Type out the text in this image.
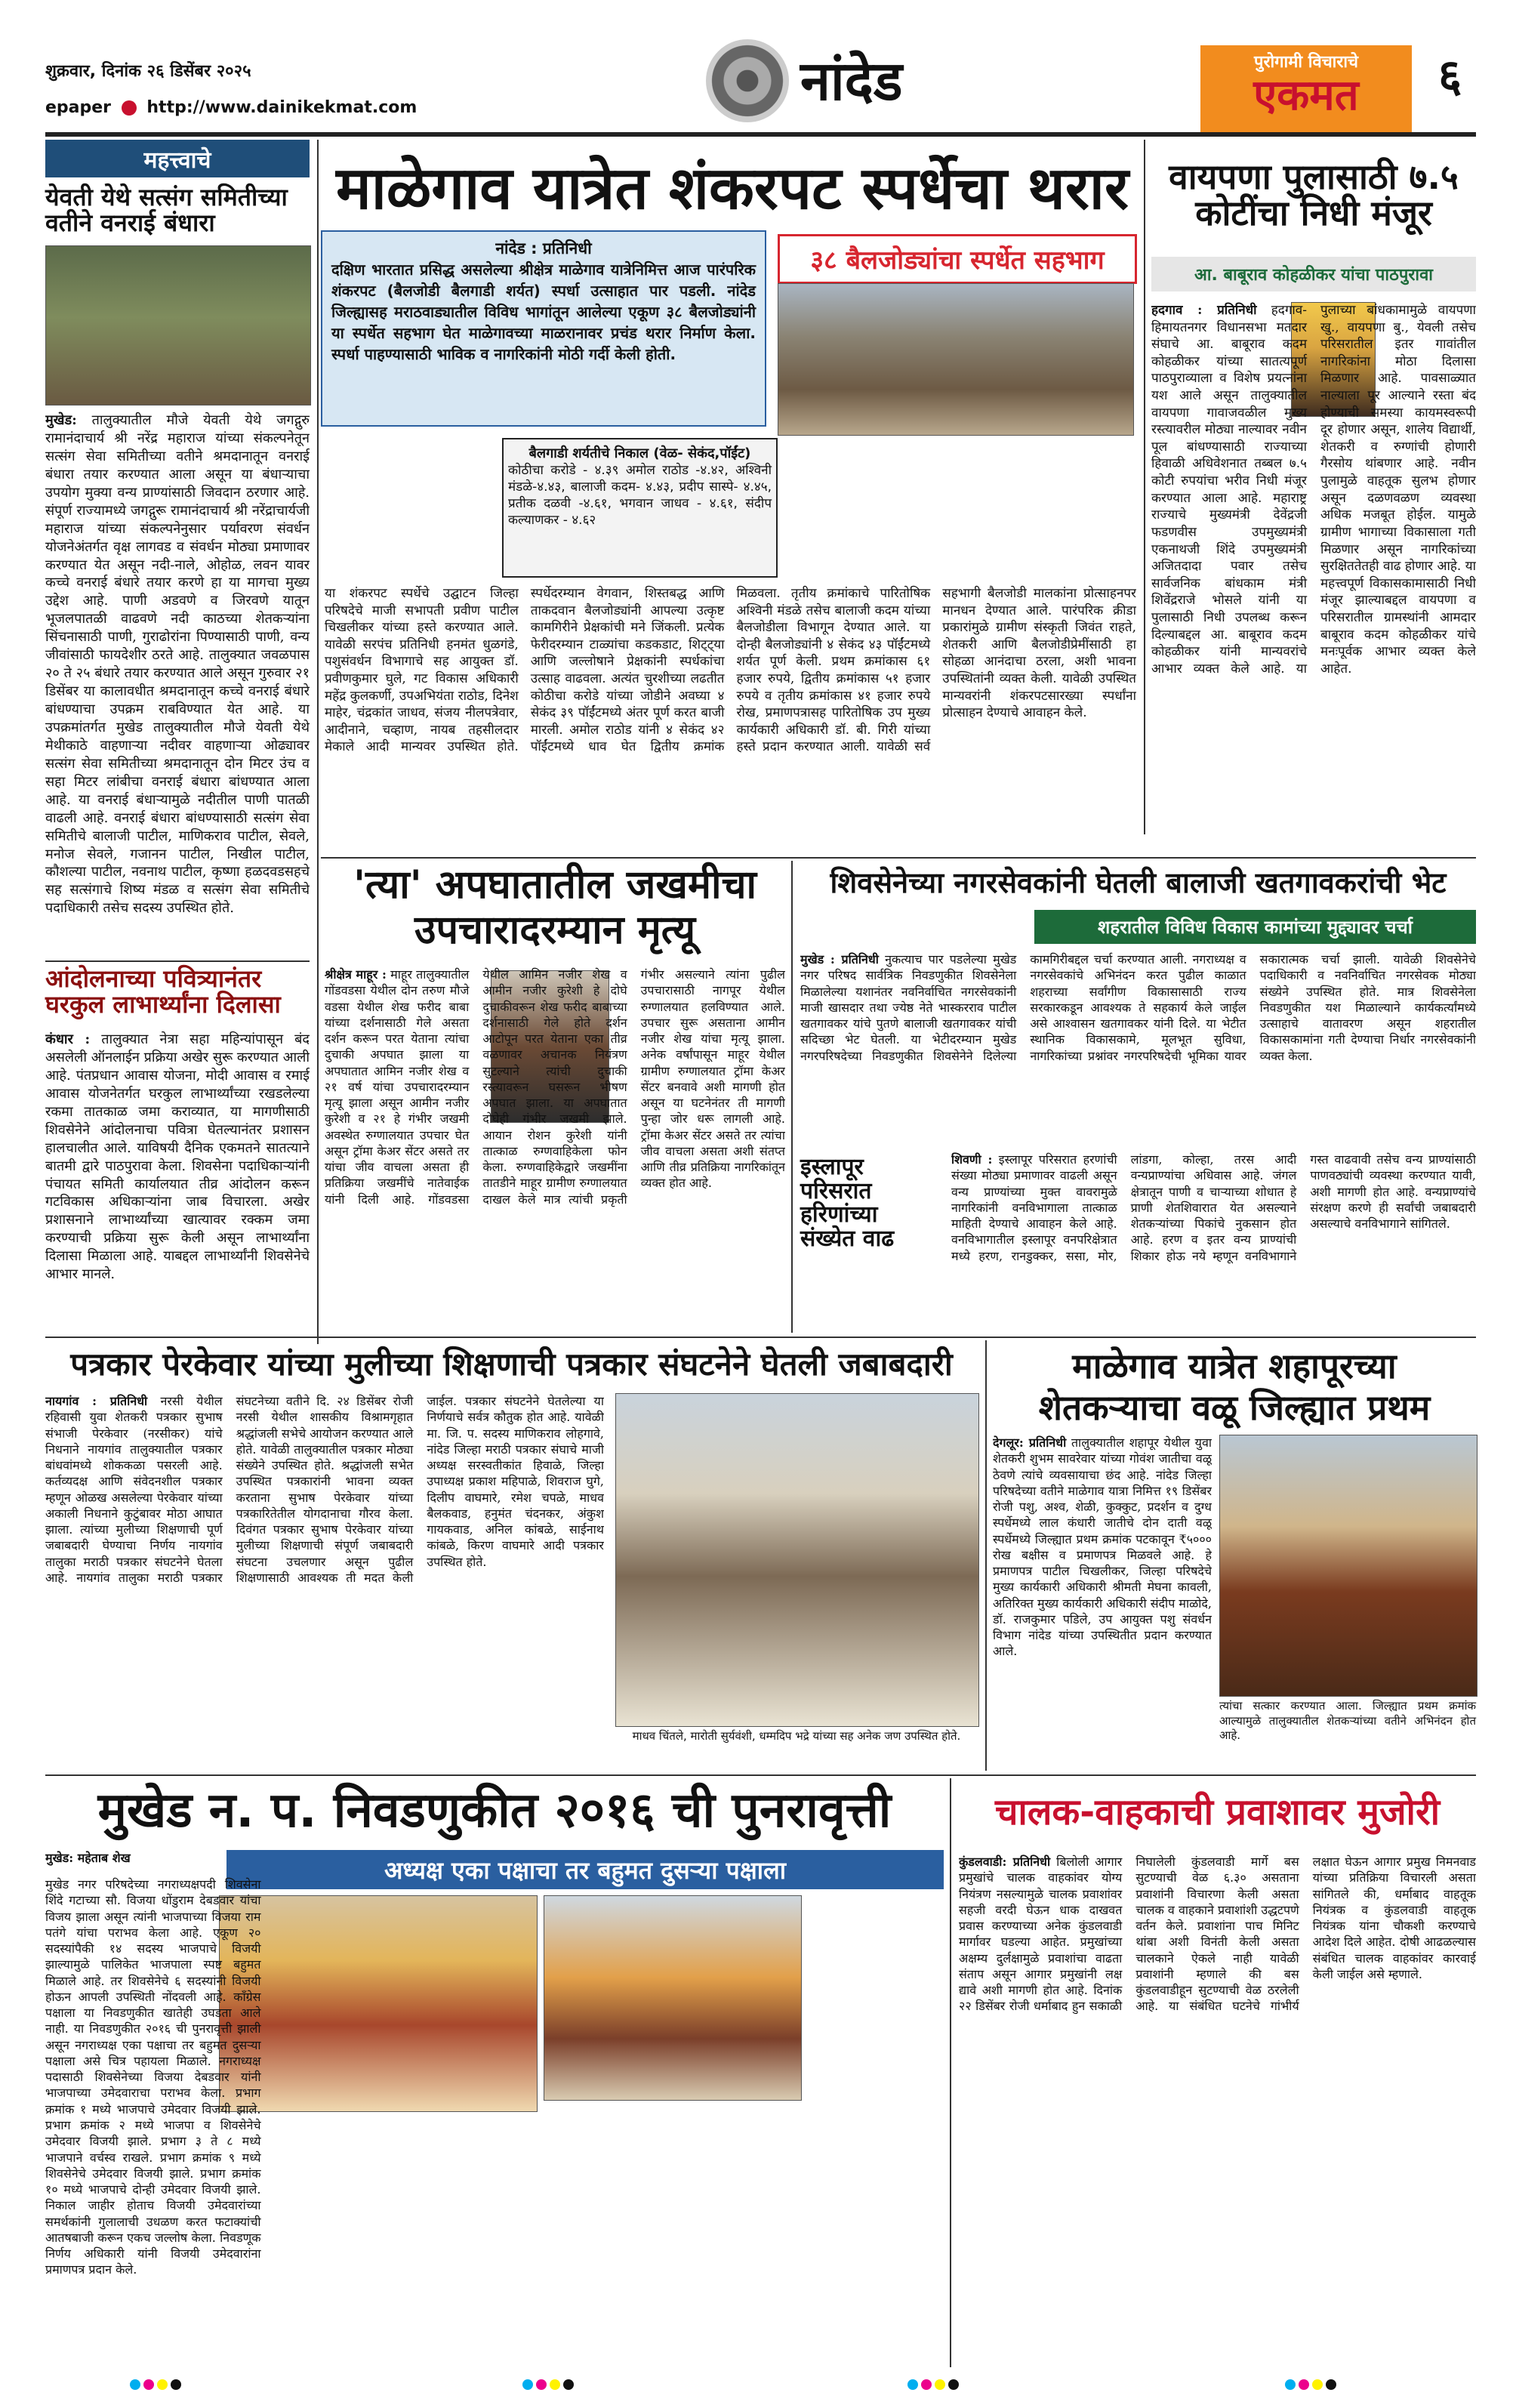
शुक्रवार, दिनांक २६ डिसेंबर २०२५
epaper http://www.dainikekmat.com	नांदेड	पुरोगामी विचाराचे
एकमत	६
महत्त्वाचे
येवती येथे सत्संग समितीच्या वतीने वनराई बंधारा
मुखेड: तालुक्यातील मौजे येवती येथे जगद्गुरु रामानंदाचार्य श्री नरेंद्र महाराज यांच्या संकल्पनेतून सत्संग सेवा समितीच्या वतीने श्रमदानातून वनराई बंधारा तयार करण्यात आला असून या बंधाऱ्याचा उपयोग मुक्या वन्य प्राण्यांसाठी जिवदान ठरणार आहे. संपूर्ण राज्यामध्ये जगद्गुरू रामानंदाचार्य श्री नरेंद्राचार्यजी महाराज यांच्या संकल्पनेनुसार पर्यावरण संवर्धन योजनेअंतर्गत वृक्ष लागवड व संवर्धन मोठ्या प्रमाणावर करण्यात येत असून नदी-नाले, ओहोळ, लवन यावर कच्चे वनराई बंधारे तयार करणे हा या मागचा मुख्य उद्देश आहे. पाणी अडवणे व जिरवणे यातून भूजलपातळी वाढवणे नदी काठच्या शेतकऱ्यांना सिंचनासाठी पाणी, गुराढोरांना पिण्यासाठी पाणी, वन्य जीवांसाठी फायदेशीर ठरते आहे. तालुक्यात जवळपास २० ते २५ बंधारे तयार करण्यात आले असून गुरुवार २१ डिसेंबर या कालावधीत श्रमदानातून कच्चे वनराई बंधारे बांधण्याचा उपक्रम राबविण्यात येत आहे. या उपक्रमांतर्गत मुखेड तालुक्यातील मौजे येवती येथे मेथीकाठे वाहणाऱ्या नदीवर वाहणाऱ्या ओढ्यावर सत्संग सेवा समितीच्या श्रमदानातून दोन मिटर उंच व सहा मिटर लांबीचा वनराई बंधारा बांधण्यात आला आहे. या वनराई बंधाऱ्यामुळे नदीतील पाणी पातळी वाढली आहे. वनराई बंधारा बांधण्यासाठी सत्संग सेवा समितीचे बालाजी पाटील, माणिकराव पाटील, सेवले, मनोज सेवले, गजानन पाटील, निखील पाटील, कौशल्या पाटील, नवनाथ पाटील, कृष्णा हळदवडसहचे सह सत्संगाचे शिष्य मंडळ व सत्संग सेवा समितीचे पदाधिकारी तसेच सदस्य उपस्थित होते.
आंदोलनाच्या पवित्र्यानंतर घरकुल लाभार्थ्यांना दिलासा
कंधार : तालुक्यात नेत्रा सहा महिन्यांपासून बंद असलेली ऑनलाईन प्रक्रिया अखेर सुरू करण्यात आली आहे. पंतप्रधान आवास योजना, मोदी आवास व रमाई आवास योजनेतर्गत घरकुल लाभार्थ्यांच्या रखडलेल्या रकमा तातकाळ जमा कराव्यात, या मागणीसाठी शिवसेनेने आंदोलनाचा पवित्रा घेतल्यानंतर प्रशासन हालचालीत आले. याविषयी दैनिक एकमतने सातत्याने बातमी द्वारे पाठपुरावा केला. शिवसेना पदाधिकाऱ्यांनी पंचायत समिती कार्यालयात तीव्र आंदोलन करून गटविकास अधिकाऱ्यांना जाब विचारला. अखेर प्रशासनाने लाभार्थ्यांच्या खात्यावर रक्कम जमा करण्याची प्रक्रिया सुरू केली असून लाभार्थ्यांना दिलासा मिळाला आहे. याबद्दल लाभार्थ्यांनी शिवसेनेचे आभार मानले.
माळेगाव यात्रेत शंकरपट स्पर्धेचा थरार
नांदेड : प्रतिनिधी
दक्षिण भारतात प्रसिद्ध असलेल्या श्रीक्षेत्र माळेगाव यात्रेनिमित्त आज पारंपरिक शंकरपट (बैलजोडी बैलगाडी शर्यत) स्पर्धा उत्साहात पार पडली. नांदेड जिल्ह्यासह मराठवाड्यातील विविध भागांतून आलेल्या एकूण ३८ बैलजोड्यांनी या स्पर्धेत सहभाग घेत माळेगावच्या माळरानावर प्रचंड थरार निर्माण केला. स्पर्धा पाहण्यासाठी भाविक व नागरिकांनी मोठी गर्दी केली होती.
३८ बैलजोड्यांचा स्पर्धेत सहभाग
बैलगाडी शर्यतीचे निकाल (वेळ- सेकंद,पॉईंट)
कोठीचा करोडे - ४.३९ अमोल राठोड -४.४२, अश्विनी मंडळे-४.४३, बालाजी कदम- ४.४३, प्रदीप सास्पे- ४.४५, प्रतीक दळवी -४.६१, भगवान जाधव - ४.६१, संदीप कल्याणकर - ४.६२
या शंकरपट स्पर्धेचे उद्घाटन जिल्हा परिषदेचे माजी सभापती प्रवीण पाटील चिखलीकर यांच्या हस्ते करण्यात आले. यावेळी सरपंच प्रतिनिधी हनमंत धुळगंडे, पशुसंवर्धन विभागाचे सह आयुक्त डॉ. प्रवीणकुमार घुले, गट विकास अधिकारी महेंद्र कुलकर्णी, उपअभियंता राठोड, दिनेश माहेर, चंद्रकांत जाधव, संजय नीलपत्रेवार, आदीनाने, चव्हाण, नायब तहसीलदार मेकाले आदी मान्यवर उपस्थित होते. स्पर्धेदरम्यान वेगवान, शिस्तबद्ध आणि ताकदवान बैलजोड्यांनी आपल्या उत्कृष्ट कामगिरीने प्रेक्षकांची मने जिंकली. प्रत्येक फेरीदरम्यान टाळ्यांचा कडकडाट, शिट्ट्या आणि जल्लोषाने प्रेक्षकांनी स्पर्धकांचा उत्साह वाढवला. अत्यंत चुरशीच्या लढतीत कोठीचा करोडे यांच्या जोडीने अवघ्या ४ सेकंद ३९ पॉईंटमध्ये अंतर पूर्ण करत बाजी मारली. अमोल राठोड यांनी ४ सेकंद ४२ पॉईंटमध्ये धाव घेत द्वितीय क्रमांक मिळवला. तृतीय क्रमांकाचे पारितोषिक अश्विनी मंडळे तसेच बालाजी कदम यांच्या बैलजोडीला विभागून देण्यात आले. या दोन्ही बैलजोड्यांनी ४ सेकंद ४३ पॉईंटमध्ये शर्यत पूर्ण केली. प्रथम क्रमांकास ६१ हजार रुपये, द्वितीय क्रमांकास ५१ हजार रुपये व तृतीय क्रमांकास ४१ हजार रुपये रोख, प्रमाणपत्रासह पारितोषिक उप मुख्य कार्यकारी अधिकारी डॉ. बी. गिरी यांच्या हस्ते प्रदान करण्यात आली. यावेळी सर्व सहभागी बैलजोडी मालकांना प्रोत्साहनपर मानधन देण्यात आले. पारंपरिक क्रीडा प्रकारांमुळे ग्रामीण संस्कृती जिवंत राहते, शेतकरी आणि बैलजोडीप्रेमींसाठी हा सोहळा आनंदाचा ठरला, अशी भावना उपस्थितांनी व्यक्त केली. यावेळी उपस्थित मान्यवरांनी शंकरपटसारख्या स्पर्धांना प्रोत्साहन देण्याचे आवाहन केले.
वायपणा पुलासाठी ७.५ कोटींचा निधी मंजूर
आ. बाबूराव कोहळीकर यांचा पाठपुरावा
हदगाव : प्रतिनिधी हदगाव-हिमायतनगर विधानसभा मतदार संघाचे आ. बाबूराव कदम कोहळीकर यांच्या सातत्यपूर्ण पाठपुराव्याला व विशेष प्रयत्नांना यश आले असून तालुक्यातील वायपणा गावाजवळील मुख्य रस्त्यावरील मोठ्या नाल्यावर नवीन पूल बांधण्यासाठी राज्याच्या हिवाळी अधिवेशनात तब्बल ७.५ कोटी रुपयांचा भरीव निधी मंजूर करण्यात आला आहे. महाराष्ट्र राज्याचे मुख्यमंत्री देवेंद्रजी फडणवीस उपमुख्यमंत्री एकनाथजी शिंदे उपमुख्यमंत्री अजितदादा पवार तसेच सार्वजनिक बांधकाम मंत्री शिवेंद्रराजे भोसले यांनी या पुलासाठी निधी उपलब्ध करून दिल्याबद्दल आ. बाबूराव कदम कोहळीकर यांनी मान्यवरांचे आभार व्यक्त केले आहे. या पुलाच्या बांधकामामुळे वायपणा खु., वायपणा बु., येवली तसेच परिसरातील इतर गावांतील नागरिकांना मोठा दिलासा मिळणार आहे. पावसाळ्यात नाल्याला पूर आल्याने रस्ता बंद होण्याची समस्या कायमस्वरूपी दूर होणार असून, शालेय विद्यार्थी, शेतकरी व रुग्णांची होणारी गैरसोय थांबणार आहे. नवीन पुलामुळे वाहतूक सुलभ होणार असून दळणवळण व्यवस्था अधिक मजबूत होईल. यामुळे ग्रामीण भागाच्या विकासाला गती मिळणार असून नागरिकांच्या सुरक्षिततेतही वाढ होणार आहे. या महत्त्वपूर्ण विकासकामासाठी निधी मंजूर झाल्याबद्दल वायपणा व परिसरातील ग्रामस्थांनी आमदार बाबूराव कदम कोहळीकर यांचे मनःपूर्वक आभार व्यक्त केले आहेत.
'त्या' अपघातातील जखमीचा
उपचारादरम्यान मृत्यू
श्रीक्षेत्र माहूर : माहूर तालुक्यातील गोंडवडसा येथील दोन तरुण मौजे वडसा येथील शेख फरीद बाबा यांच्या दर्शनासाठी गेले असता दर्शन करून परत येताना त्यांचा दुचाकी अपघात झाला या अपघातात आमिन नजीर शेख व २१ वर्ष यांचा उपचारादरम्यान मृत्यू झाला असून आमीन नजीर कुरेशी व २१ हे गंभीर जखमी अवस्थेत रुग्णालयात उपचार घेत असून ट्रॉमा केअर सेंटर असते तर यांचा जीव वाचला असता ही प्रतिक्रिया जखमींचे नातेवाईक यांनी दिली आहे. गोंडवडसा येथील आमिन नजीर शेख व आमीन नजीर कुरेशी हे दोघे दुचाकीवरून शेख फरीद बाबाच्या दर्शनासाठी गेले होते दर्शन आटोपून परत येताना एका तीव्र वळणावर अचानक नियंत्रण सुटल्याने त्यांची दुचाकी रस्त्यावरून घसरून भीषण अपघात झाला. या अपघातात दोघेही गंभीर जखमी झाले. आयान रोशन कुरेशी यांनी तात्काळ रुग्णवाहिकेला फोन केला. रुग्णवाहिकेद्वारे जखमींना तातडीने माहूर ग्रामीण रुग्णालयात दाखल केले मात्र त्यांची प्रकृती गंभीर असल्याने त्यांना पुढील उपचारासाठी नागपूर येथील रुग्णालयात हलविण्यात आले. उपचार सुरू असताना आमीन नजीर शेख यांचा मृत्यू झाला. अनेक वर्षांपासून माहूर येथील ग्रामीण रुग्णालयात ट्रॉमा केअर सेंटर बनवावे अशी मागणी होत असून या घटनेनंतर ती मागणी पुन्हा जोर धरू लागली आहे. ट्रॉमा केअर सेंटर असते तर त्यांचा जीव वाचला असता अशी संतप्त आणि तीव्र प्रतिक्रिया नागरिकांतून व्यक्त होत आहे.
शिवसेनेच्या नगरसेवकांनी घेतली बालाजी खतगावकरांची भेट
शहरातील विविध विकास कामांच्या मुद्द्यावर चर्चा
मुखेड : प्रतिनिधी नुकत्याच पार पडलेल्या मुखेड नगर परिषद सार्वत्रिक निवडणुकीत शिवसेनेला मिळालेल्या यशानंतर नवनिर्वाचित नगरसेवकांनी माजी खासदार तथा ज्येष्ठ नेते भास्करराव पाटील खतगावकर यांचे पुतणे बालाजी खतगावकर यांची सदिच्छा भेट घेतली. या भेटीदरम्यान मुखेड नगरपरिषदेच्या निवडणुकीत शिवसेनेने दिलेल्या कामगिरीबद्दल चर्चा करण्यात आली. नगराध्यक्ष व नगरसेवकांचे अभिनंदन करत पुढील काळात शहराच्या सर्वांगीण विकासासाठी राज्य सरकारकडून आवश्यक ते सहकार्य केले जाईल असे आश्वासन खतगावकर यांनी दिले. या भेटीत स्थानिक विकासकामे, मूलभूत सुविधा, नागरिकांच्या प्रश्नांवर नगरपरिषदेची भूमिका यावर सकारात्मक चर्चा झाली. यावेळी शिवसेनेचे पदाधिकारी व नवनिर्वाचित नगरसेवक मोठ्या संख्येने उपस्थित होते. मात्र शिवसेनेला निवडणुकीत यश मिळाल्याने कार्यकर्त्यांमध्ये उत्साहाचे वातावरण असून शहरातील विकासकामांना गती देण्याचा निर्धार नगरसेवकांनी व्यक्त केला.
इस्लापूर परिसरात हरिणांच्या संख्येत वाढ
शिवणी : इस्लापूर परिसरात हरणांची संख्या मोठ्या प्रमाणावर वाढली असून वन्य प्राण्यांच्या मुक्त वावरामुळे नागरिकांनी वनविभागाला तात्काळ माहिती देण्याचे आवाहन केले आहे. वनविभागातील इस्लापूर वनपरिक्षेत्रात मध्ये हरण, रानडुक्कर, ससा, मोर, लांडगा, कोल्हा, तरस आदी वन्यप्राण्यांचा अधिवास आहे. जंगल क्षेत्रातून पाणी व चाऱ्याच्या शोधात हे प्राणी शेतशिवारात येत असल्याने शेतकऱ्यांच्या पिकांचे नुकसान होत आहे. हरण व इतर वन्य प्राण्यांची शिकार होऊ नये म्हणून वनविभागाने गस्त वाढवावी तसेच वन्य प्राण्यांसाठी पाणवठ्यांची व्यवस्था करण्यात यावी, अशी मागणी होत आहे. वन्यप्राण्यांचे संरक्षण करणे ही सर्वांची जबाबदारी असल्याचे वनविभागाने सांगितले.
पत्रकार पेरकेवार यांच्या मुलीच्या शिक्षणाची पत्रकार संघटनेने घेतली जबाबदारी
नायगांव : प्रतिनिधी नरसी येथील रहिवासी युवा शेतकरी पत्रकार सुभाष संभाजी पेरकेवार (नरसीकर) यांचे निधनाने नायगांव तालुक्यातील पत्रकार बांधवांमध्ये शोककळा पसरली आहे. कर्तव्यदक्ष आणि संवेदनशील पत्रकार म्हणून ओळख असलेल्या पेरकेवार यांच्या अकाली निधनाने कुटुंबावर मोठा आघात झाला. त्यांच्या मुलीच्या शिक्षणाची पूर्ण जबाबदारी घेण्याचा निर्णय नायगांव तालुका मराठी पत्रकार संघटनेने घेतला आहे. नायगांव तालुका मराठी पत्रकार संघटनेच्या वतीने दि. २४ डिसेंबर रोजी नरसी येथील शासकीय विश्रामगृहात श्रद्धांजली सभेचे आयोजन करण्यात आले होते. यावेळी तालुक्यातील पत्रकार मोठ्या संख्येने उपस्थित होते. श्रद्धांजली सभेत उपस्थित पत्रकारांनी भावना व्यक्त करताना सुभाष पेरकेवार यांच्या पत्रकारितेतील योगदानाचा गौरव केला. दिवंगत पत्रकार सुभाष पेरकेवार यांच्या मुलीच्या शिक्षणाची संपूर्ण जबाबदारी संघटना उचलणार असून पुढील शिक्षणासाठी आवश्यक ती मदत केली जाईल. पत्रकार संघटनेने घेतलेल्या या निर्णयाचे सर्वत्र कौतुक होत आहे. यावेळी मा. जि. प. सदस्य माणिकराव लोहगावे, नांदेड जिल्हा मराठी पत्रकार संघाचे माजी अध्यक्ष सरस्वतीकांत हिवाळे, जिल्हा उपाध्यक्ष प्रकाश महिपाळे, शिवराज घुगे, दिलीप वाघमारे, रमेश चपळे, माधव बैलकवाड, हनुमंत चंदनकर, अंकुश गायकवाड, अनिल कांबळे, साईनाथ कांबळे, किरण वाघमारे आदी पत्रकार उपस्थित होते.
माधव चिंतले, मारोती सुर्यवंशी, धम्मदिप भद्रे यांच्या सह अनेक जण उपस्थित होते.
माळेगाव यात्रेत शहापूरच्या
शेतकऱ्याचा वळू जिल्ह्यात प्रथम
देगलूर: प्रतिनिधी तालुक्यातील शहापूर येथील युवा शेतकरी शुभम सावरेवार यांच्या गोवंश जातीचा वळू ठेवणे त्यांचे व्यवसायाचा छंद आहे. नांदेड जिल्हा परिषदेच्या वतीने माळेगाव यात्रा निमित्त १९ डिसेंबर रोजी पशु, अश्व, शेळी, कुक्कुट, प्रदर्शन व दुग्ध स्पर्धेमध्ये लाल कंधारी जातीचे दोन दाती वळू स्पर्धेमध्ये जिल्ह्यात प्रथम क्रमांक पटकावून ₹५००० रोख बक्षीस व प्रमाणपत्र मिळवले आहे. हे प्रमाणपत्र पाटील चिखलीकर, जिल्हा परिषदेचे मुख्य कार्यकारी अधिकारी श्रीमती मेघना कावली, अतिरिक्त मुख्य कार्यकारी अधिकारी संदीप माळोदे, डॉ. राजकुमार पडिले, उप आयुक्त पशु संवर्धन विभाग नांदेड यांच्या उपस्थितीत प्रदान करण्यात आले.
त्यांचा सत्कार करण्यात आला. जिल्ह्यात प्रथम क्रमांक आल्यामुळे तालुक्यातील शेतकऱ्यांच्या वतीने अभिनंदन होत आहे.
मुखेड न. प. निवडणुकीत २०१६ ची पुनरावृत्ती
अध्यक्ष एका पक्षाचा तर बहुमत दुसऱ्या पक्षाला
मुखेड: महेताब शेख
मुखेड नगर परिषदेच्या नगराध्यक्षपदी शिवसेना शिंदे गटाच्या सौ. विजया धोंडुराम देबडवार यांचा विजय झाला असून त्यांनी भाजपाच्या विजया राम पतंगे यांचा पराभव केला आहे. एकूण २० सदस्यांपैकी १४ सदस्य भाजपाचे विजयी झाल्यामुळे पालिकेत भाजपाला स्पष्ट बहुमत मिळाले आहे. तर शिवसेनेचे ६ सदस्यांनी विजयी होऊन आपली उपस्थिती नोंदवली आहे. कॉंग्रेस पक्षाला या निवडणुकीत खातेही उघडता आले नाही. या निवडणुकीत २०१६ ची पुनरावृत्ती झाली असून नगराध्यक्ष एका पक्षाचा तर बहुमत दुसऱ्या पक्षाला असे चित्र पहायला मिळाले. नगराध्यक्ष पदासाठी शिवसेनेच्या विजया देबडवार यांनी भाजपाच्या उमेदवाराचा पराभव केला. प्रभाग क्रमांक १ मध्ये भाजपाचे उमेदवार विजयी झाले. प्रभाग क्रमांक २ मध्ये भाजपा व शिवसेनेचे उमेदवार विजयी झाले. प्रभाग ३ ते ८ मध्ये भाजपाने वर्चस्व राखले. प्रभाग क्रमांक ९ मध्ये शिवसेनेचे उमेदवार विजयी झाले. प्रभाग क्रमांक १० मध्ये भाजपाचे दोन्ही उमेदवार विजयी झाले. निकाल जाहीर होताच विजयी उमेदवारांच्या समर्थकांनी गुलालाची उधळण करत फटाक्यांची आतषबाजी करून एकच जल्लोष केला. निवडणूक निर्णय अधिकारी यांनी विजयी उमेदवारांना प्रमाणपत्र प्रदान केले.
चालक-वाहकाची प्रवाशावर मुजोरी
कुंडलवाडी: प्रतिनिधी बिलोली आगार प्रमुखांचे चालक वाहकांवर योग्य नियंत्रण नसल्यामुळे चालक प्रवाशांवर सहजी वरदी घेऊन धाक दाखवत प्रवास करण्याच्या अनेक कुंडलवाडी मार्गावर घडल्या आहेत. प्रमुखांच्या अक्षम्य दुर्लक्षामुळे प्रवाशांचा वाढता संताप असून आगार प्रमुखांनी लक्ष द्यावे अशी मागणी होत आहे. दिनांक २२ डिसेंबर रोजी धर्माबाद हुन सकाळी निघालेली कुंडलवाडी मार्गे बस सुटण्याची वेळ ६.३० असताना प्रवाशांनी विचारणा केली असता चालक व वाहकाने प्रवाशांशी उद्धटपणे वर्तन केले. प्रवाशांना पाच मिनिट थांबा अशी विनंती केली असता चालकाने ऐकले नाही यावेळी प्रवाशांनी म्हणाले की बस कुंडलवाडीहून सुटण्याची वेळ ठरलेली आहे. या संबंधित घटनेचे गांभीर्य लक्षात घेऊन आगार प्रमुख निमनवाड यांच्या प्रतिक्रिया विचारली असता सांगितले की, धर्माबाद वाहतूक नियंत्रक व कुंडलवाडी वाहतूक नियंत्रक यांना चौकशी करण्याचे आदेश दिले आहेत. दोषी आढळल्यास संबंधित चालक वाहकांवर कारवाई केली जाईल असे म्हणाले.
